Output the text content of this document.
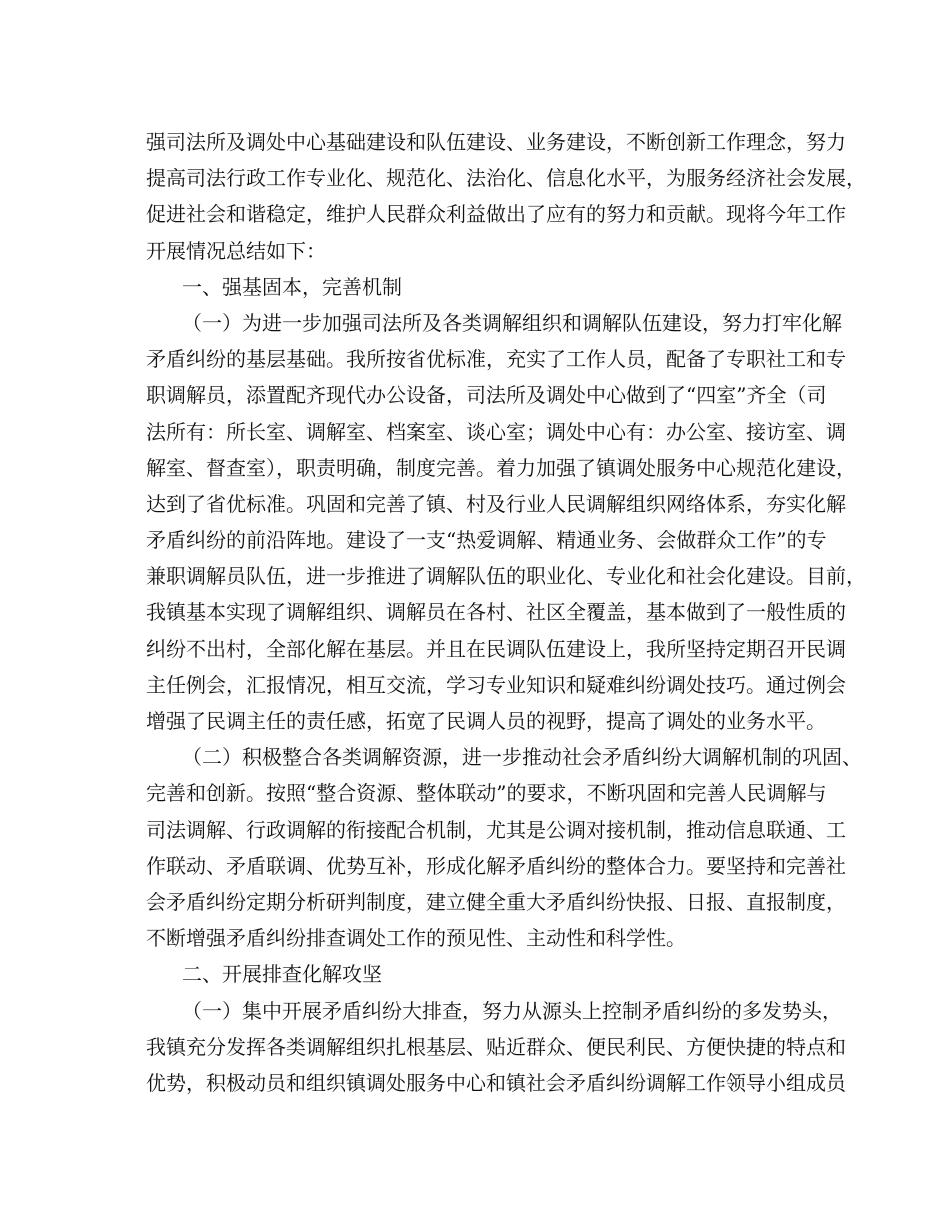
强司法所及调处中心基础建设和队伍建设、业务建设，不断创新工作理念，努力
提高司法行政工作专业化、规范化、法治化、信息化水平，为服务经济社会发展，
促进社会和谐稳定，维护人民群众利益做出了应有的努力和贡献。现将今年工作
开展情况总结如下：
一、强基固本，完善机制
（一）为进一步加强司法所及各类调解组织和调解队伍建设，努力打牢化解
矛盾纠纷的基层基础。我所按省优标准，充实了工作人员，配备了专职社工和专
职调解员，添置配齐现代办公设备，司法所及调处中心做到了“四室”齐全（司
法所有：所长室、调解室、档案室、谈心室；调处中心有：办公室、接访室、调
解室、督查室），职责明确，制度完善。着力加强了镇调处服务中心规范化建设，
达到了省优标准。巩固和完善了镇、村及行业人民调解组织网络体系，夯实化解
矛盾纠纷的前沿阵地。建设了一支“热爱调解、精通业务、会做群众工作”的专
兼职调解员队伍，进一步推进了调解队伍的职业化、专业化和社会化建设。目前，
我镇基本实现了调解组织、调解员在各村、社区全覆盖，基本做到了一般性质的
纠纷不出村，全部化解在基层。并且在民调队伍建设上，我所坚持定期召开民调
主任例会，汇报情况，相互交流，学习专业知识和疑难纠纷调处技巧。通过例会
增强了民调主任的责任感，拓宽了民调人员的视野，提高了调处的业务水平。
（二）积极整合各类调解资源，进一步推动社会矛盾纠纷大调解机制的巩固、
完善和创新。按照“整合资源、整体联动”的要求，不断巩固和完善人民调解与
司法调解、行政调解的衔接配合机制，尤其是公调对接机制，推动信息联通、工
作联动、矛盾联调、优势互补，形成化解矛盾纠纷的整体合力。要坚持和完善社
会矛盾纠纷定期分析研判制度，建立健全重大矛盾纠纷快报、日报、直报制度，
不断增强矛盾纠纷排查调处工作的预见性、主动性和科学性。
二、开展排查化解攻坚
（一）集中开展矛盾纠纷大排查，努力从源头上控制矛盾纠纷的多发势头，
我镇充分发挥各类调解组织扎根基层、贴近群众、便民利民、方便快捷的特点和
优势，积极动员和组织镇调处服务中心和镇社会矛盾纠纷调解工作领导小组成员
